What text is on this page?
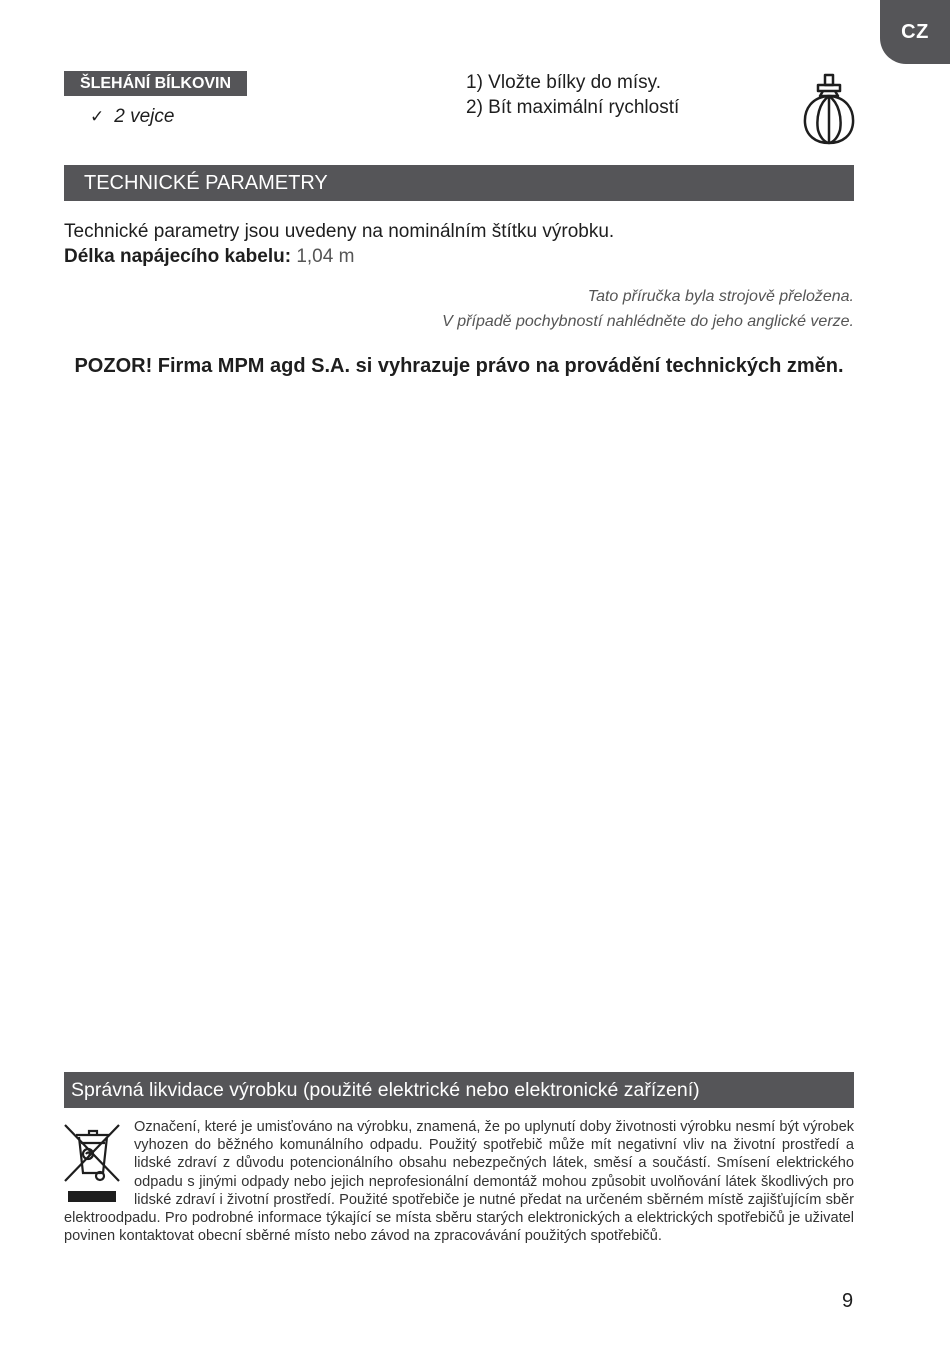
CZ
ŠLEHÁNÍ BÍLKOVIN
✓ 2 vejce
1) Vložte bílky do mísy.
2) Bít maximální rychlostí
TECHNICKÉ PARAMETRY
Technické parametry jsou uvedeny na nominálním štítku výrobku.
Délka napájecího kabelu: 1,04 m
Tato příručka byla strojově přeložena.
V případě pochybností nahlédněte do jeho anglické verze.
POZOR! Firma MPM agd S.A. si vyhrazuje právo na provádění technických změn.
Správná likvidace výrobku (použité elektrické nebo elektronické zařízení)
Označení, které je umisťováno na výrobku, znamená, že po uplynutí doby životnosti výrobku nesmí být výrobek vyhozen do běžného komunálního odpadu. Použitý spotřebič může mít negativní vliv na životní prostředí a lidské zdraví z důvodu potencionálního obsahu nebezpečných látek, směsí a součástí. Smísení elektrického odpadu s jinými odpady nebo jejich neprofesionální demontáž mohou způsobit uvolňování látek škodlivých pro lidské zdraví i životní prostředí. Použité spotřebiče je nutné předat na určeném sběrném místě zajišťujícím sběr elektroodpadu. Pro podrobné informace týkající se místa sběru starých elektronických a elektrických spotřebičů je uživatel povinen kontaktovat obecní sběrné místo nebo závod na zpracovávání použitých spotřebičů.
9
